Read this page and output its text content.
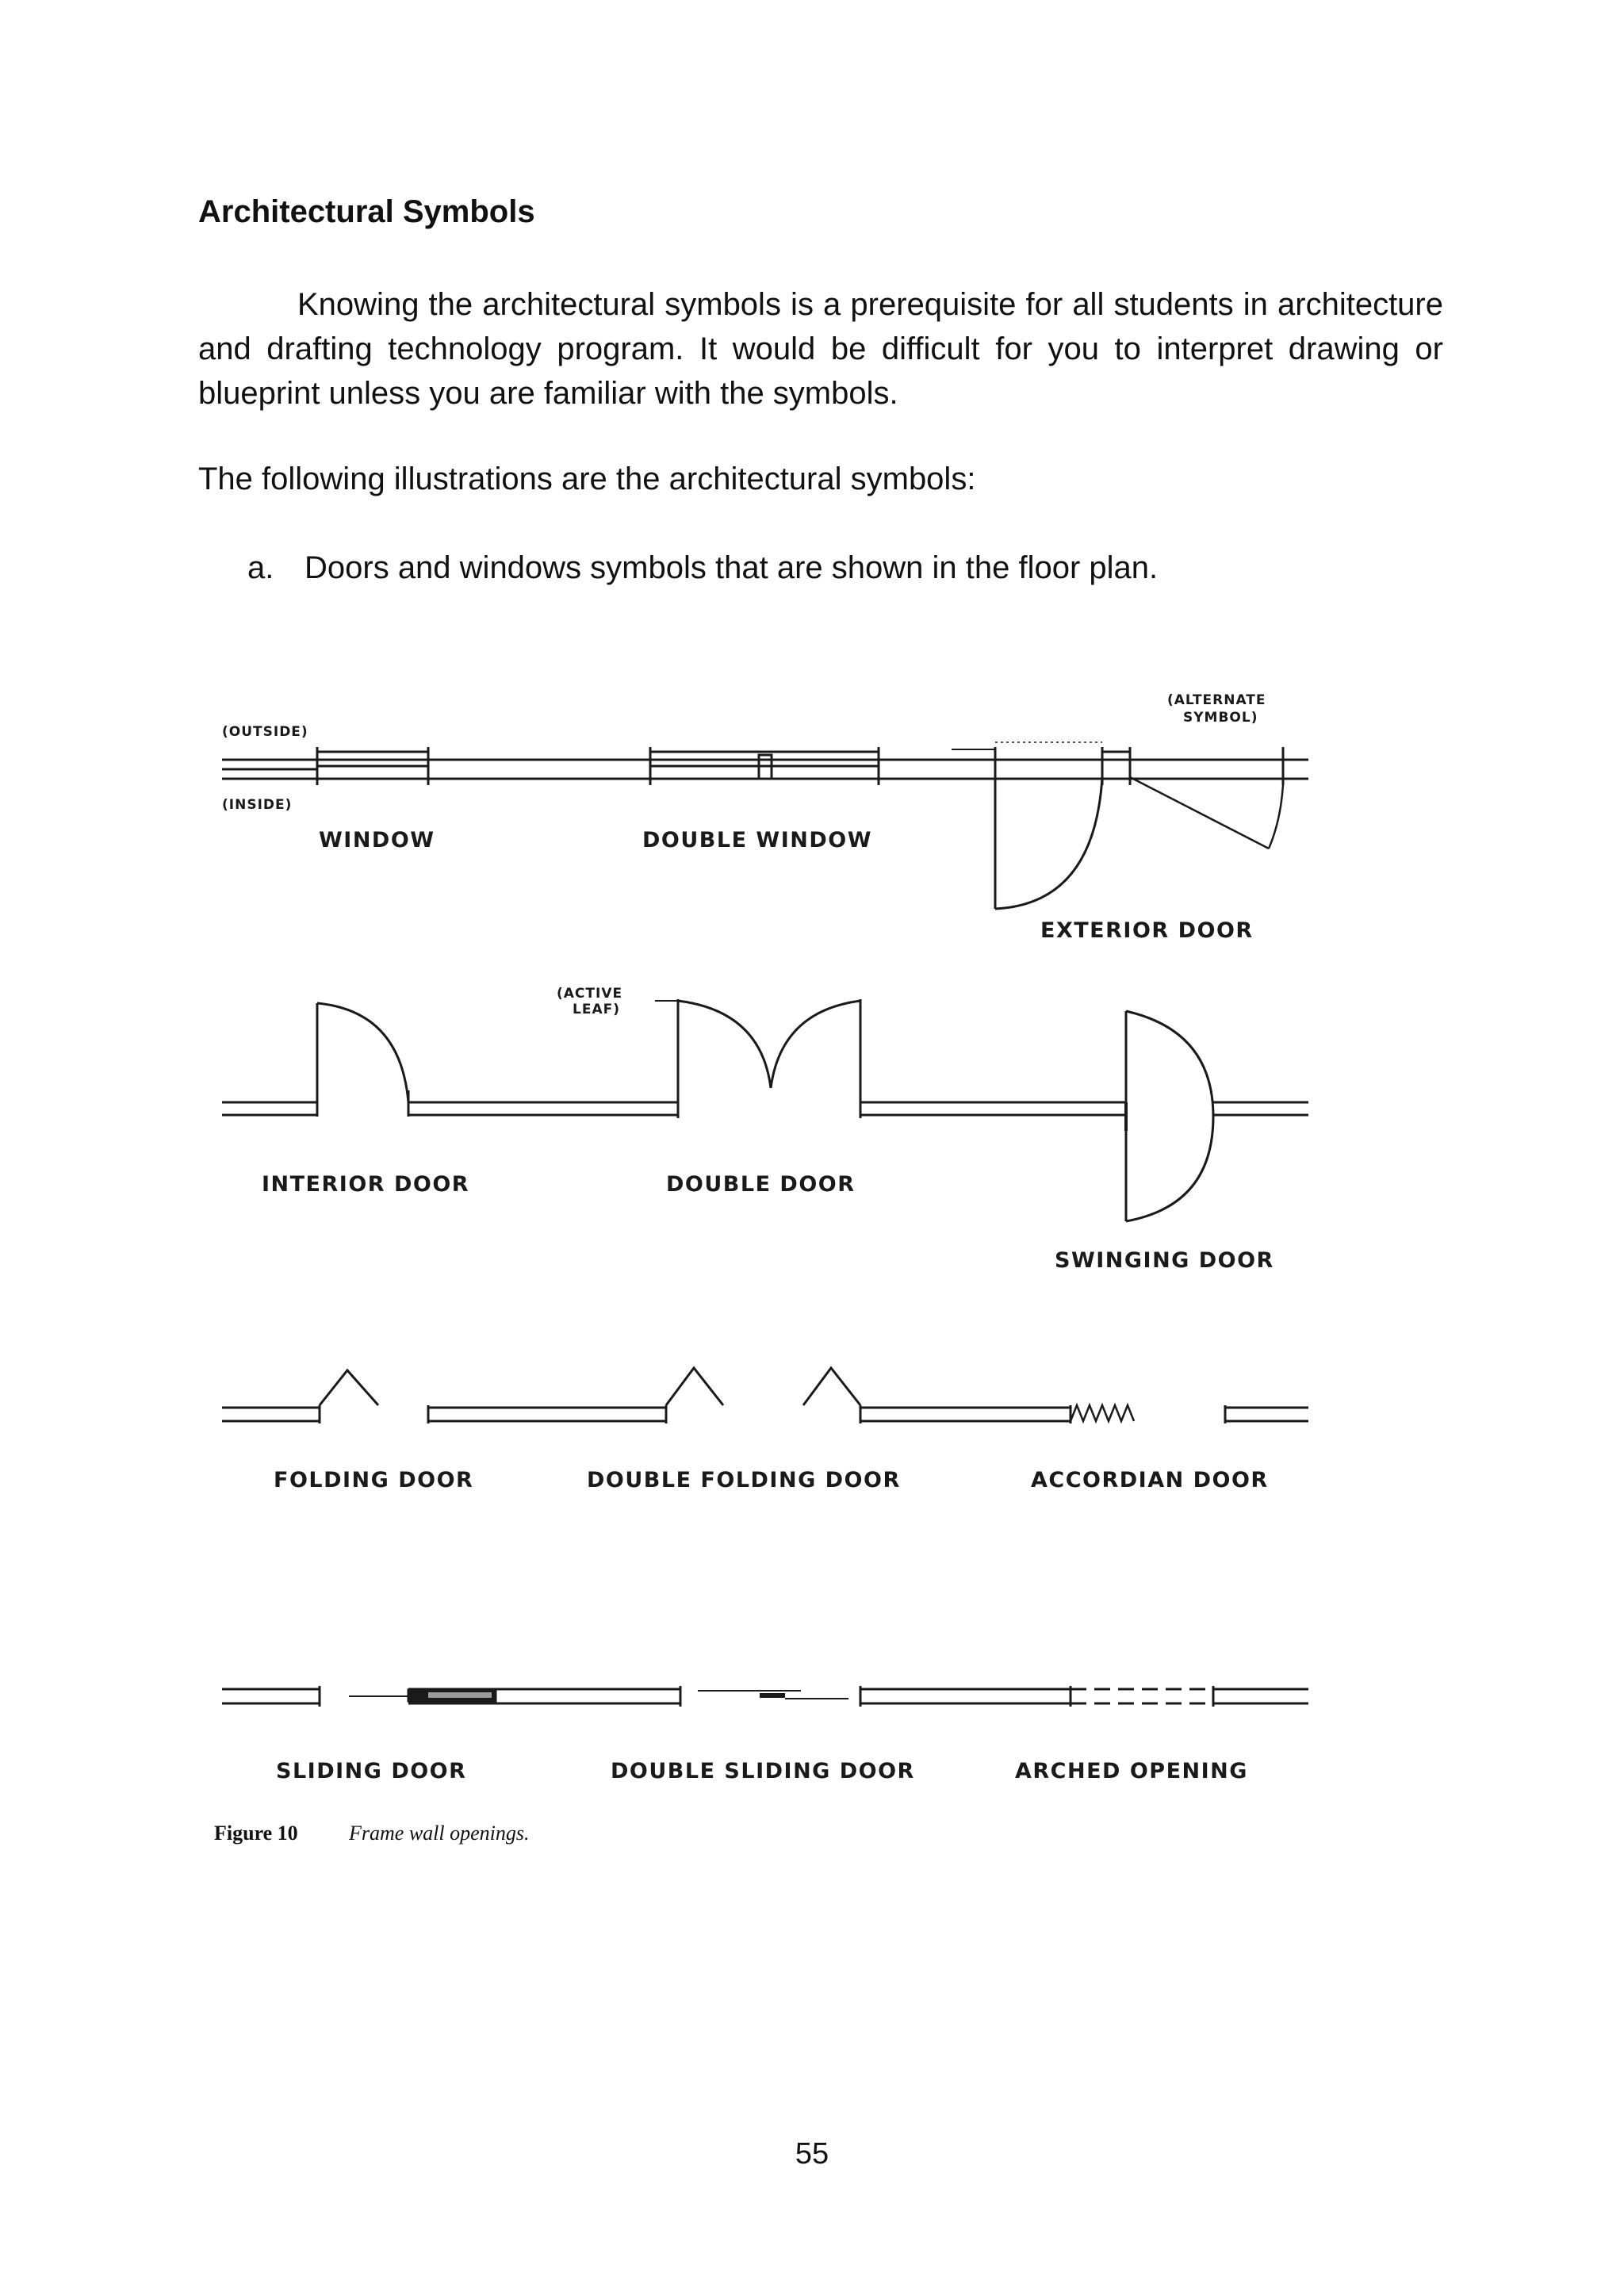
Architectural Symbols

Knowing the architectural symbols is a prerequisite for all students in architecture and drafting technology program. It would be difficult for you to interpret drawing or blueprint unless you are familiar with the symbols.

The following illustrations are the architectural symbols:

a. Doors and windows symbols that are shown in the floor plan.

(OUTSIDE)
(INSIDE)
(ALTERNATE
SYMBOL)
(ACTIVE
LEAF)
WINDOW	DOUBLE WINDOW
EXTERIOR DOOR
INTERIOR DOOR	DOUBLE DOOR
SWINGING DOOR
FOLDING DOOR	DOUBLE FOLDING DOOR	ACCORDIAN DOOR
SLIDING DOOR	DOUBLE SLIDING DOOR	ARCHED OPENING
Figure 10 Frame wall openings.

55
